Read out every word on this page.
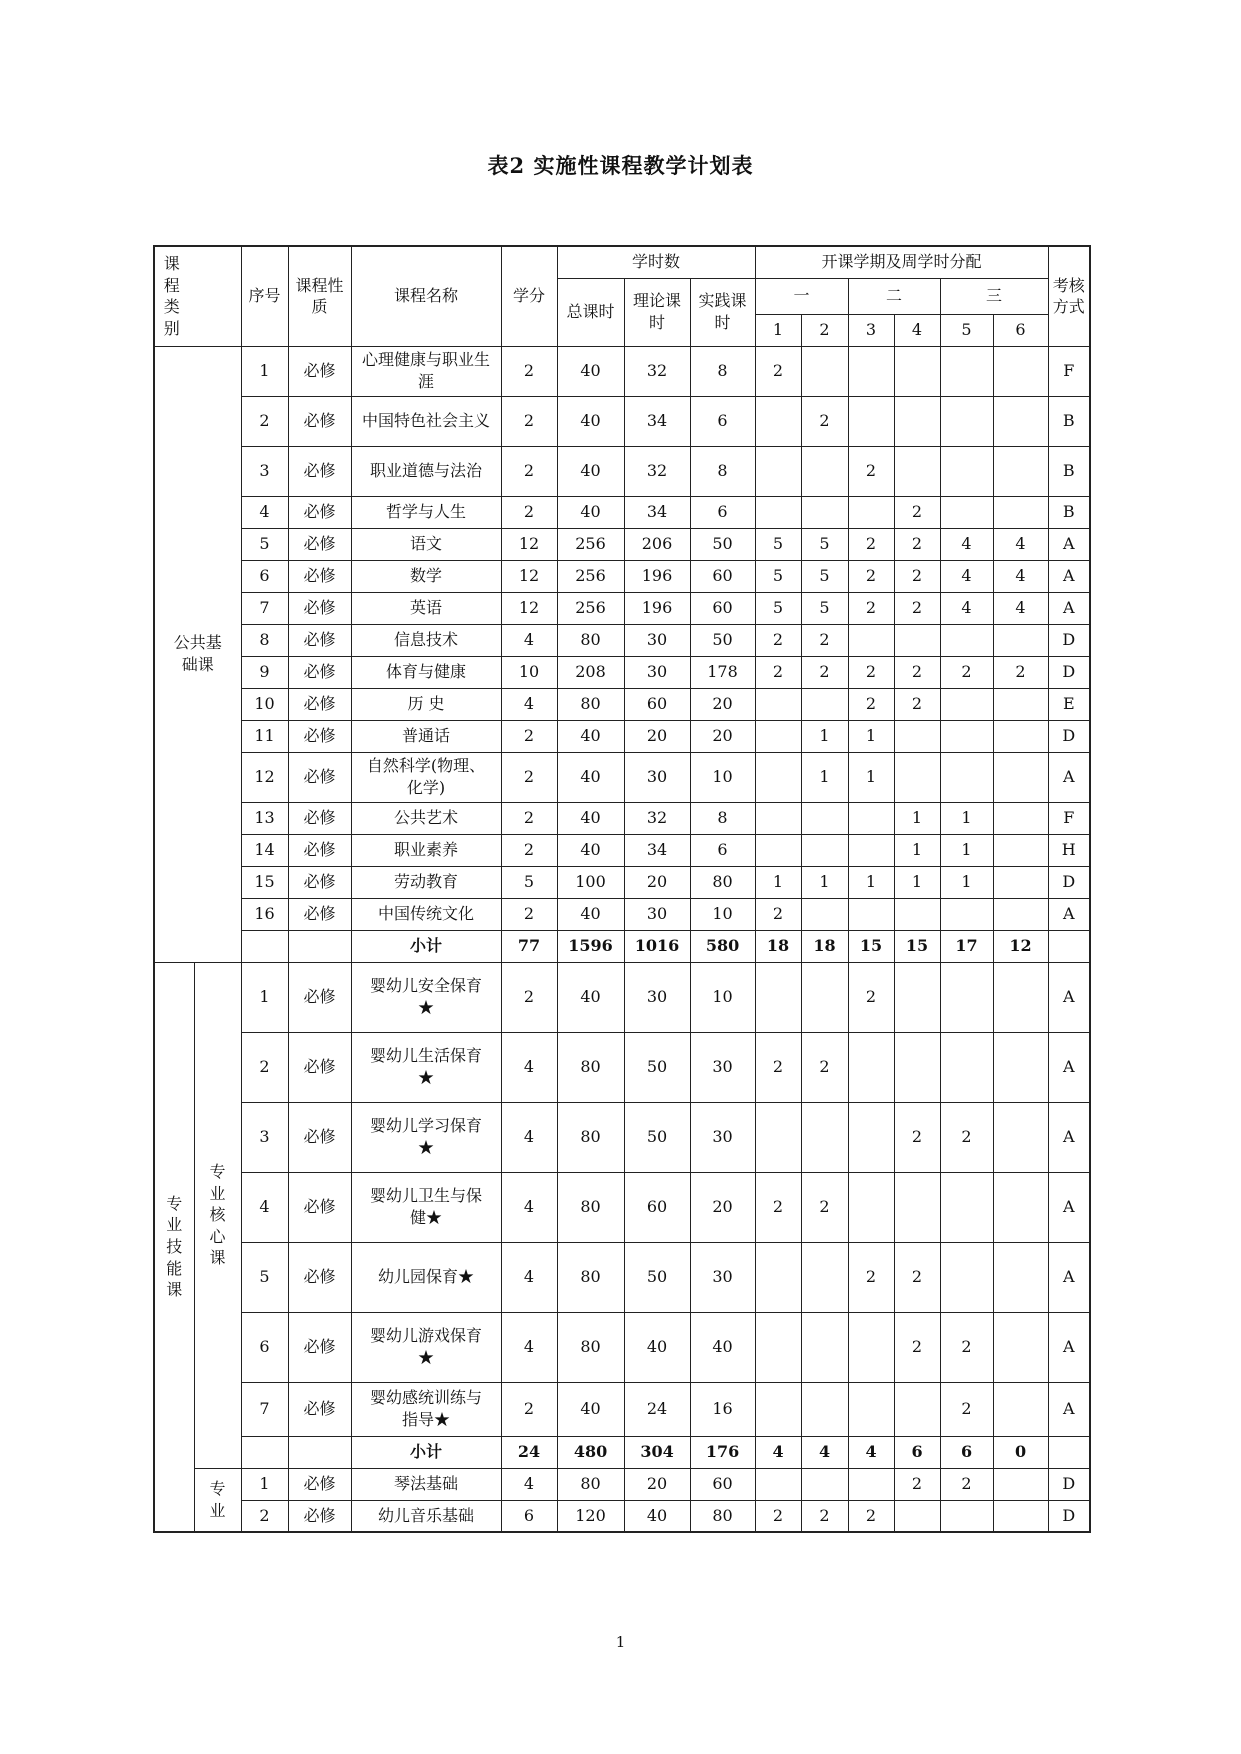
表2 实施性课程教学计划表
课程类别		序号	课程性质	课程名称	学分	学时数			开课学期及周学时分配						考核方式
						总课时	理论课时	实践课时	一		二		三		
									1	2	3	4	5	6	
公共基础课		1	必修	心理健康与职业生涯	2	40	32	8	2						F
		2	必修	中国特色社会主义	2	40	34	6		2					B
		3	必修	职业道德与法治	2	40	32	8			2				B
		4	必修	哲学与人生	2	40	34	6				2			B
		5	必修	语文	12	256	206	50	5	5	2	2	4	4	A
		6	必修	数学	12	256	196	60	5	5	2	2	4	4	A
		7	必修	英语	12	256	196	60	5	5	2	2	4	4	A
		8	必修	信息技术	4	80	30	50	2	2					D
		9	必修	体育与健康	10	208	30	178	2	2	2	2	2	2	D
		10	必修	历 史	4	80	60	20			2	2			E
		11	必修	普通话	2	40	20	20		1	1				D
		12	必修	自然科学(物理、化学)	2	40	30	10		1	1				A
		13	必修	公共艺术	2	40	32	8				1	1		F
		14	必修	职业素养	2	40	34	6				1	1		H
		15	必修	劳动教育	5	100	20	80	1	1	1	1	1		D
		16	必修	中国传统文化	2	40	30	10	2						A
				小计	77	1596	1016	580	18	18	15	15	17	12	
专业技能课	专业核心课	1	必修	婴幼儿安全保育★	2	40	30	10			2				A
		2	必修	婴幼儿生活保育★	4	80	50	30	2	2					A
		3	必修	婴幼儿学习保育★	4	80	50	30				2	2		A
		4	必修	婴幼儿卫生与保健★	4	80	60	20	2	2					A
		5	必修	幼儿园保育★	4	80	50	30			2	2			A
		6	必修	婴幼儿游戏保育★	4	80	40	40				2	2		A
		7	必修	婴幼感统训练与指导★	2	40	24	16					2		A
				小计	24	480	304	176	4	4	4	6	6	0	
	专业	1	必修	琴法基础	4	80	20	60				2	2		D
		2	必修	幼儿音乐基础	6	120	40	80	2	2	2				D
1
